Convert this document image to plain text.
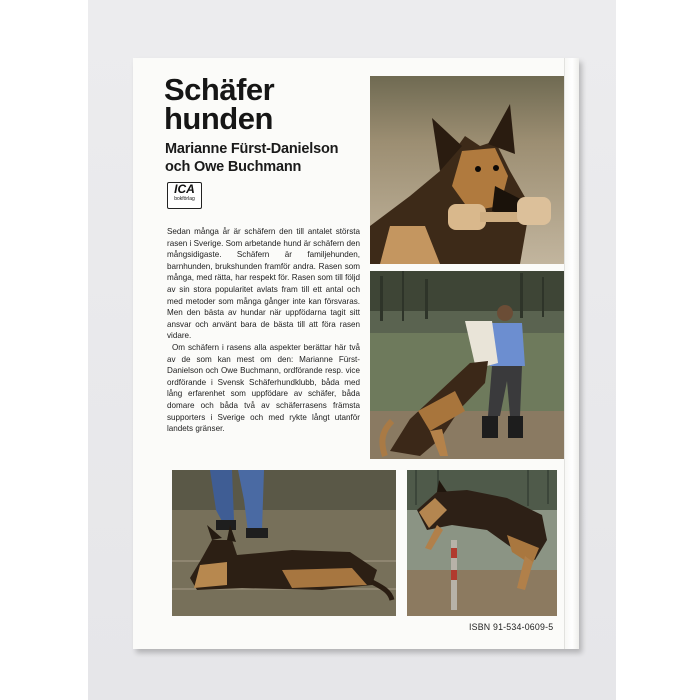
Schäfer
hunden
Marianne Fürst-Danielson
och Owe Buchmann
ICA
bokförlag

Sedan många år är schäfern den till antalet största rasen i Sverige. Som arbetande hund är schäfern den mångsidigaste. Schäfern är familjehunden, barnhunden, brukshunden framför andra. Rasen som många, med rätta, har respekt för. Rasen som till följd av sin stora popularitet avlats fram till ett antal och med metoder som många gånger inte kan försvaras. Men den bästa av hundar när uppfödarna tagit sitt ansvar och använt bara de bästa till att föra rasen vidare.

Om schäfern i rasens alla aspekter berättar här två av de som kan mest om den: Marianne Fürst-Danielson och Owe Buchmann, ordförande resp. vice ordförande i Svensk Schäferhundklubb, båda med lång erfarenhet som uppfödare av schäfer, båda domare och båda två av schäferrasens främsta supporters i Sverige och med rykte långt utanför landets gränser.

ISBN 91-534-0609-5
